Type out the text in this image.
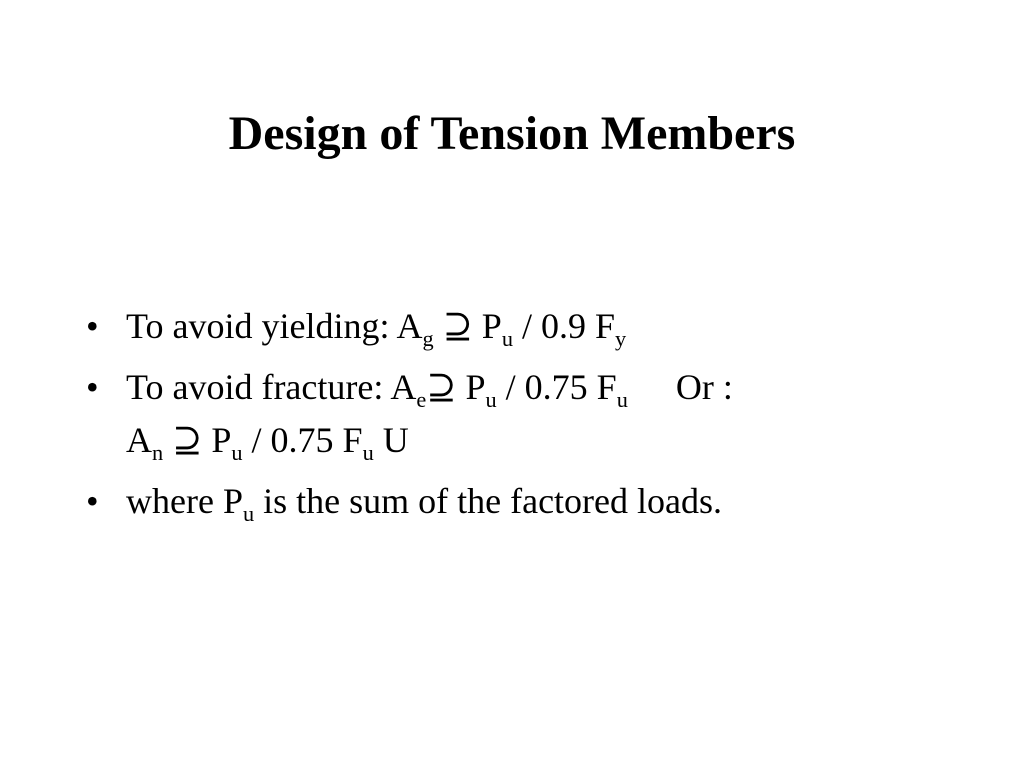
Design of Tension Members
• To avoid yielding: $A_g$ ⊇ $P_u / 0.9$ $F_y$
• To avoid fracture: $A_e⊇$ $P_u / 0.75$ $F_u$ Or :
$A_n$ ⊇ $P_u / 0.75$ $F_u$ U
• where $P_u$ is the sum of the factored loads.
